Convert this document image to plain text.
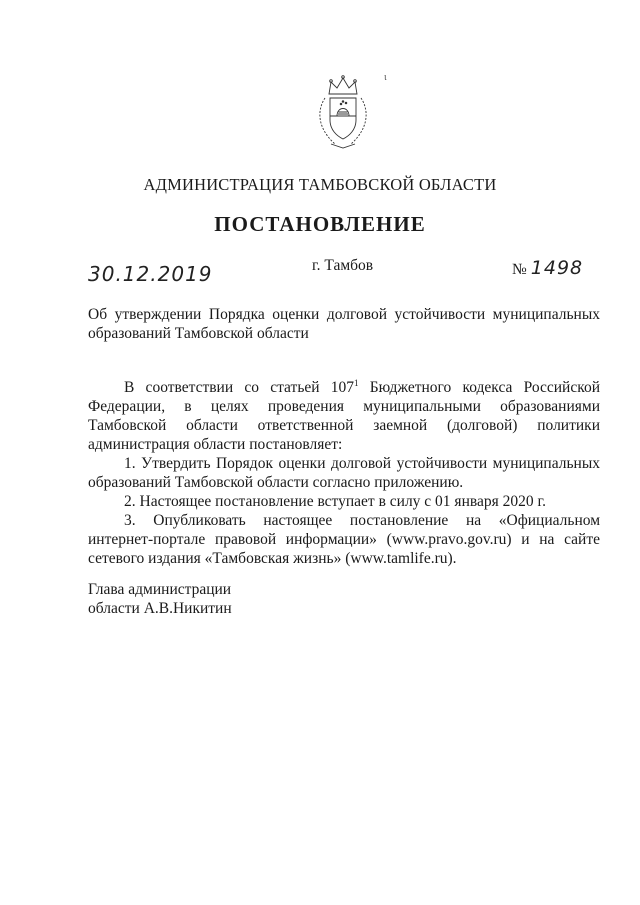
ι
АДМИНИСТРАЦИЯ ТАМБОВСКОЙ ОБЛАСТИ
ПОСТАНОВЛЕНИЕ
30.12.2019	г. Тамбов	№ 1498
Об утверждении Порядка оценки долговой устойчивости муниципальных образований Тамбовской области

В соответствии со статьей $107^1$ Бюджетного кодекса Российской Федерации, в целях проведения муниципальными образованиями Тамбовской области ответственной заемной (долговой) политики администрация области постановляет:

1. Утвердить Порядок оценки долговой устойчивости муниципальных образований Тамбовской области согласно приложению.

2. Настоящее постановление вступает в силу с 01 января 2020 г.

3. Опубликовать настоящее постановление на «Официальном интернет-портале правовой информации» (www.pravo.gov.ru) и на сайте сетевого издания «Тамбовская жизнь» (www.tamlife.ru).

Глава администрации
области А.В.Никитин
